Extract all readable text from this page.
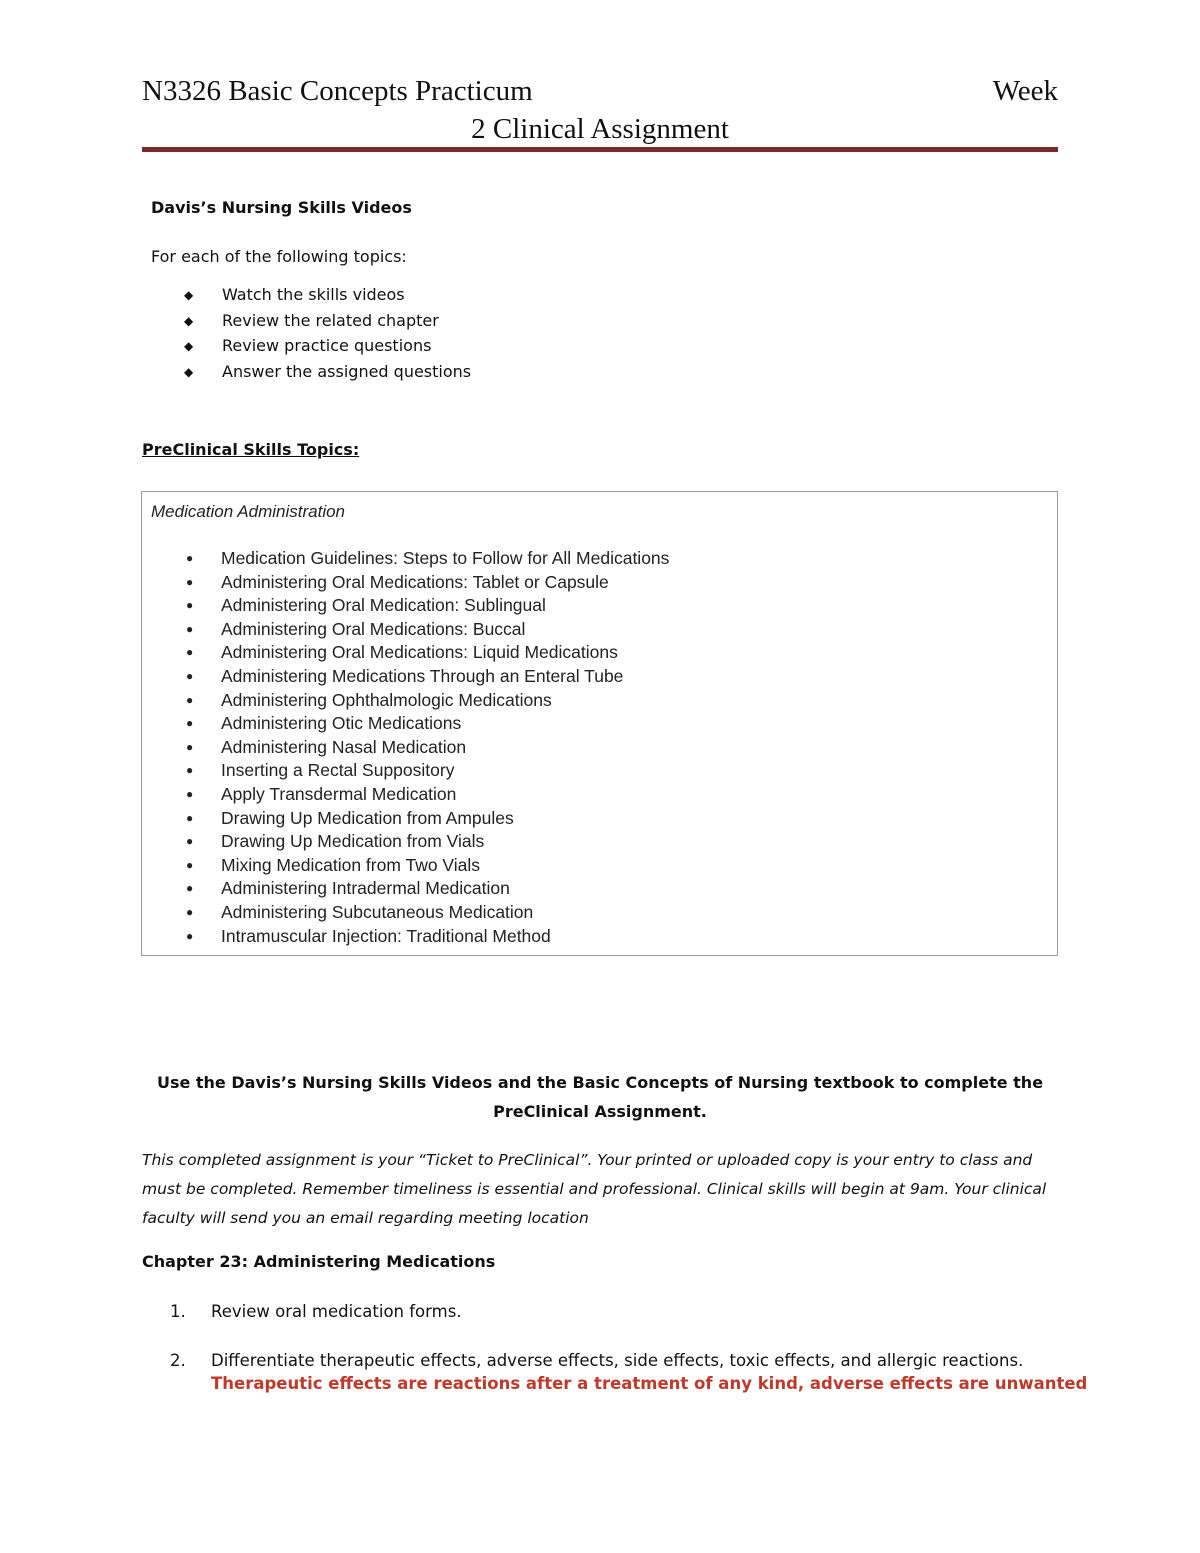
N3326 Basic Concepts Practicum	Week
2 Clinical Assignment
Davis’s Nursing Skills Videos
For each of the following topics:
◆ Watch the skills videos
◆ Review the related chapter
◆ Review practice questions
◆ Answer the assigned questions
PreClinical Skills Topics:
Medication Administration
● Medication Guidelines: Steps to Follow for All Medications
● Administering Oral Medications: Tablet or Capsule
● Administering Oral Medication: Sublingual
● Administering Oral Medications: Buccal
● Administering Oral Medications: Liquid Medications
● Administering Medications Through an Enteral Tube
● Administering Ophthalmologic Medications
● Administering Otic Medications
● Administering Nasal Medication
● Inserting a Rectal Suppository
● Apply Transdermal Medication
● Drawing Up Medication from Ampules
● Drawing Up Medication from Vials
● Mixing Medication from Two Vials
● Administering Intradermal Medication
● Administering Subcutaneous Medication
● Intramuscular Injection: Traditional Method
Use the Davis’s Nursing Skills Videos and the Basic Concepts of Nursing textbook to complete the
PreClinical Assignment.
This completed assignment is your “Ticket to PreClinical”. Your printed or uploaded copy is your entry to class and
must be completed. Remember timeliness is essential and professional. Clinical skills will begin at 9am. Your clinical
faculty will send you an email regarding meeting location
Chapter 23: Administering Medications
1. Review oral medication forms.
2. Differentiate therapeutic effects, adverse effects, side effects, toxic effects, and allergic reactions.
Therapeutic effects are reactions after a treatment of any kind, adverse effects are unwanted
